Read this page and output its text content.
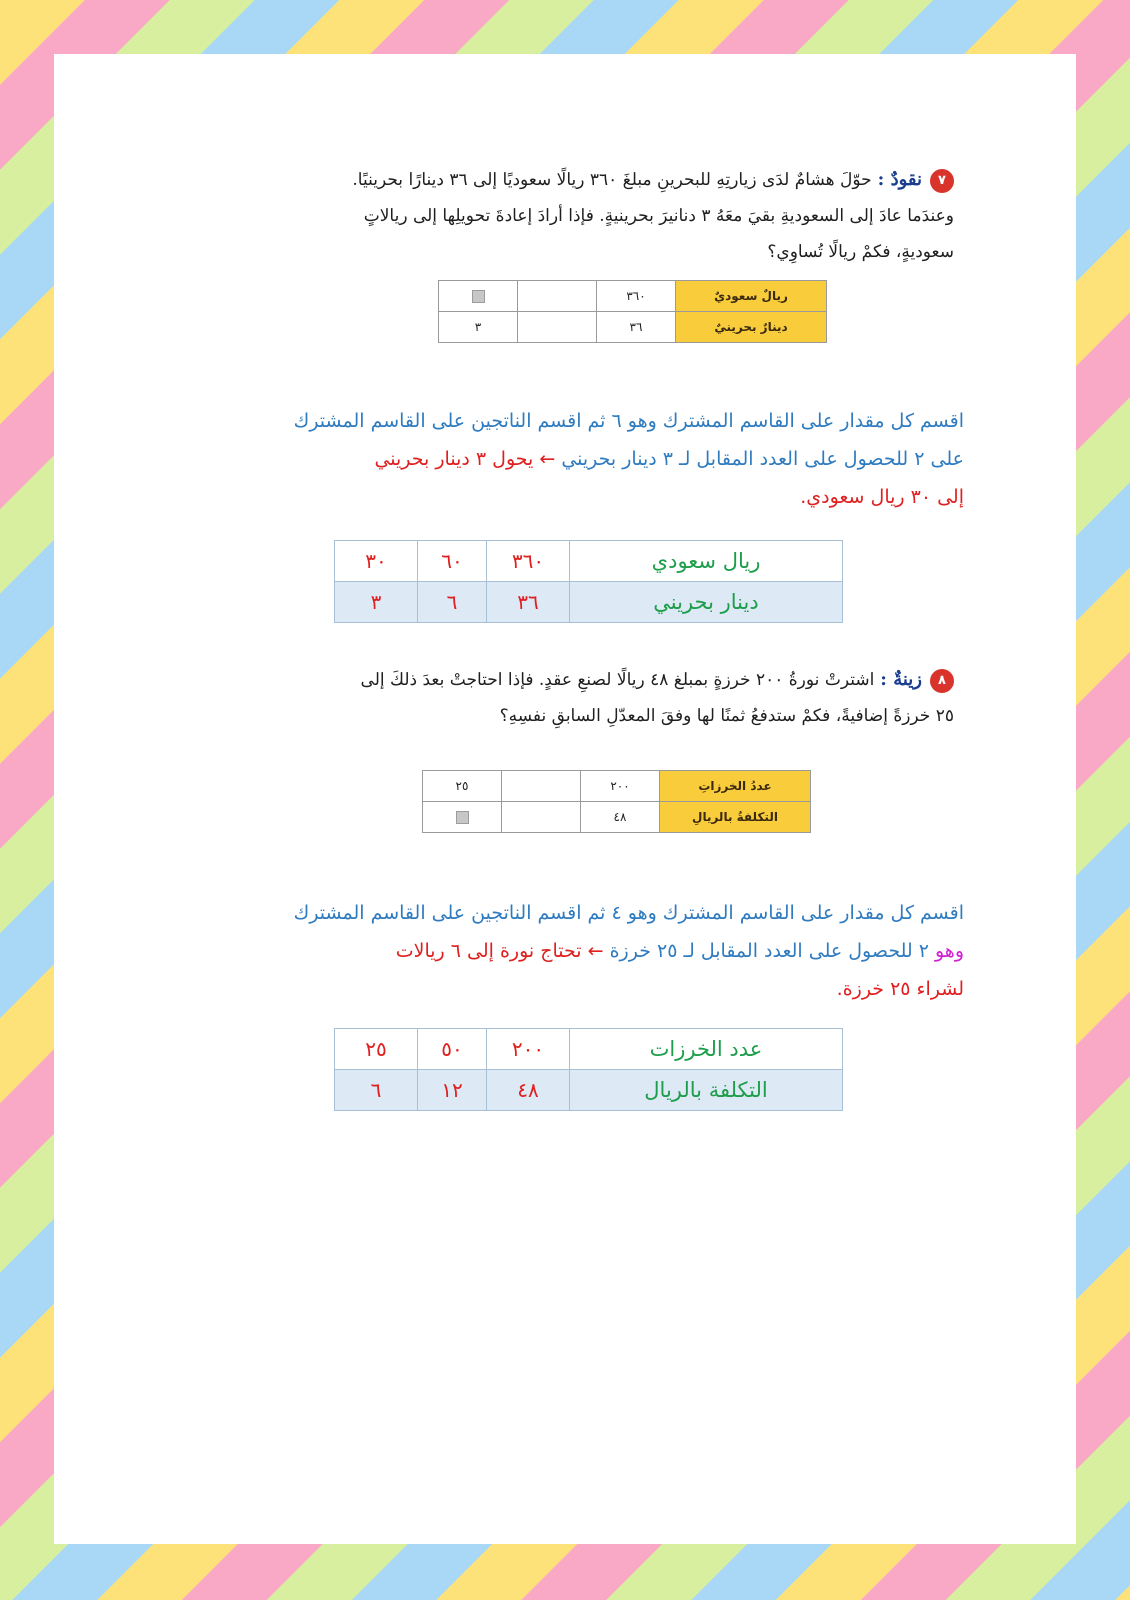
٧نقودٌ :حوّلَ هشامٌ لدَى زيارتِهِ للبحرينِ مبلغَ ٣٦٠ ريالًا سعوديًا إلى ٣٦ دينارًا بحرينيًا.
وعندَما عادَ إلى السعوديةِ بقيَ معَهُ ٣ دنانيرَ بحرينيةٍ. فإذا أرادَ إعادةَ تحويلِها إلى ريالاتٍ
سعوديةٍ، فكمْ ريالًا تُساوِي؟
ريالٌ سعوديٌ	٣٦٠		
دينارٌ بحرينيٌ	٣٦		٣
اقسم كل مقدار على القاسم المشترك وهو ٦ ثم اقسم الناتجين على القاسم المشترك
على ٢ للحصول على العدد المقابل لـ ٣ دينار بحريني ← يحول ٣ دينار بحريني
إلى ٣٠ ريال سعودي.
ريال سعودي	٣٦٠	٦٠	٣٠
دينار بحريني	٣٦	٦	٣
٨زينةٌ :اشترتْ نورةُ ٢٠٠ خرزةٍ بمبلغ ٤٨ ريالًا لصنعِ عقدٍ. فإذا احتاجتْ بعدَ ذلكَ إلى
٢٥ خرزةً إضافيةً، فكمْ ستدفعُ ثمنًا لها وفقَ المعدّلِ السابقِ نفسِهِ؟
عددُ الخرزاتِ	٢٠٠		٢٥
التكلفةُ بالريالِ	٤٨		
اقسم كل مقدار على القاسم المشترك وهو ٤ ثم اقسم الناتجين على القاسم المشترك
وهو ٢ للحصول على العدد المقابل لـ ٢٥ خرزة ← تحتاج نورة إلى ٦ ريالات
لشراء ٢٥ خرزة.
عدد الخرزات	٢٠٠	٥٠	٢٥
التكلفة بالريال	٤٨	١٢	٦
